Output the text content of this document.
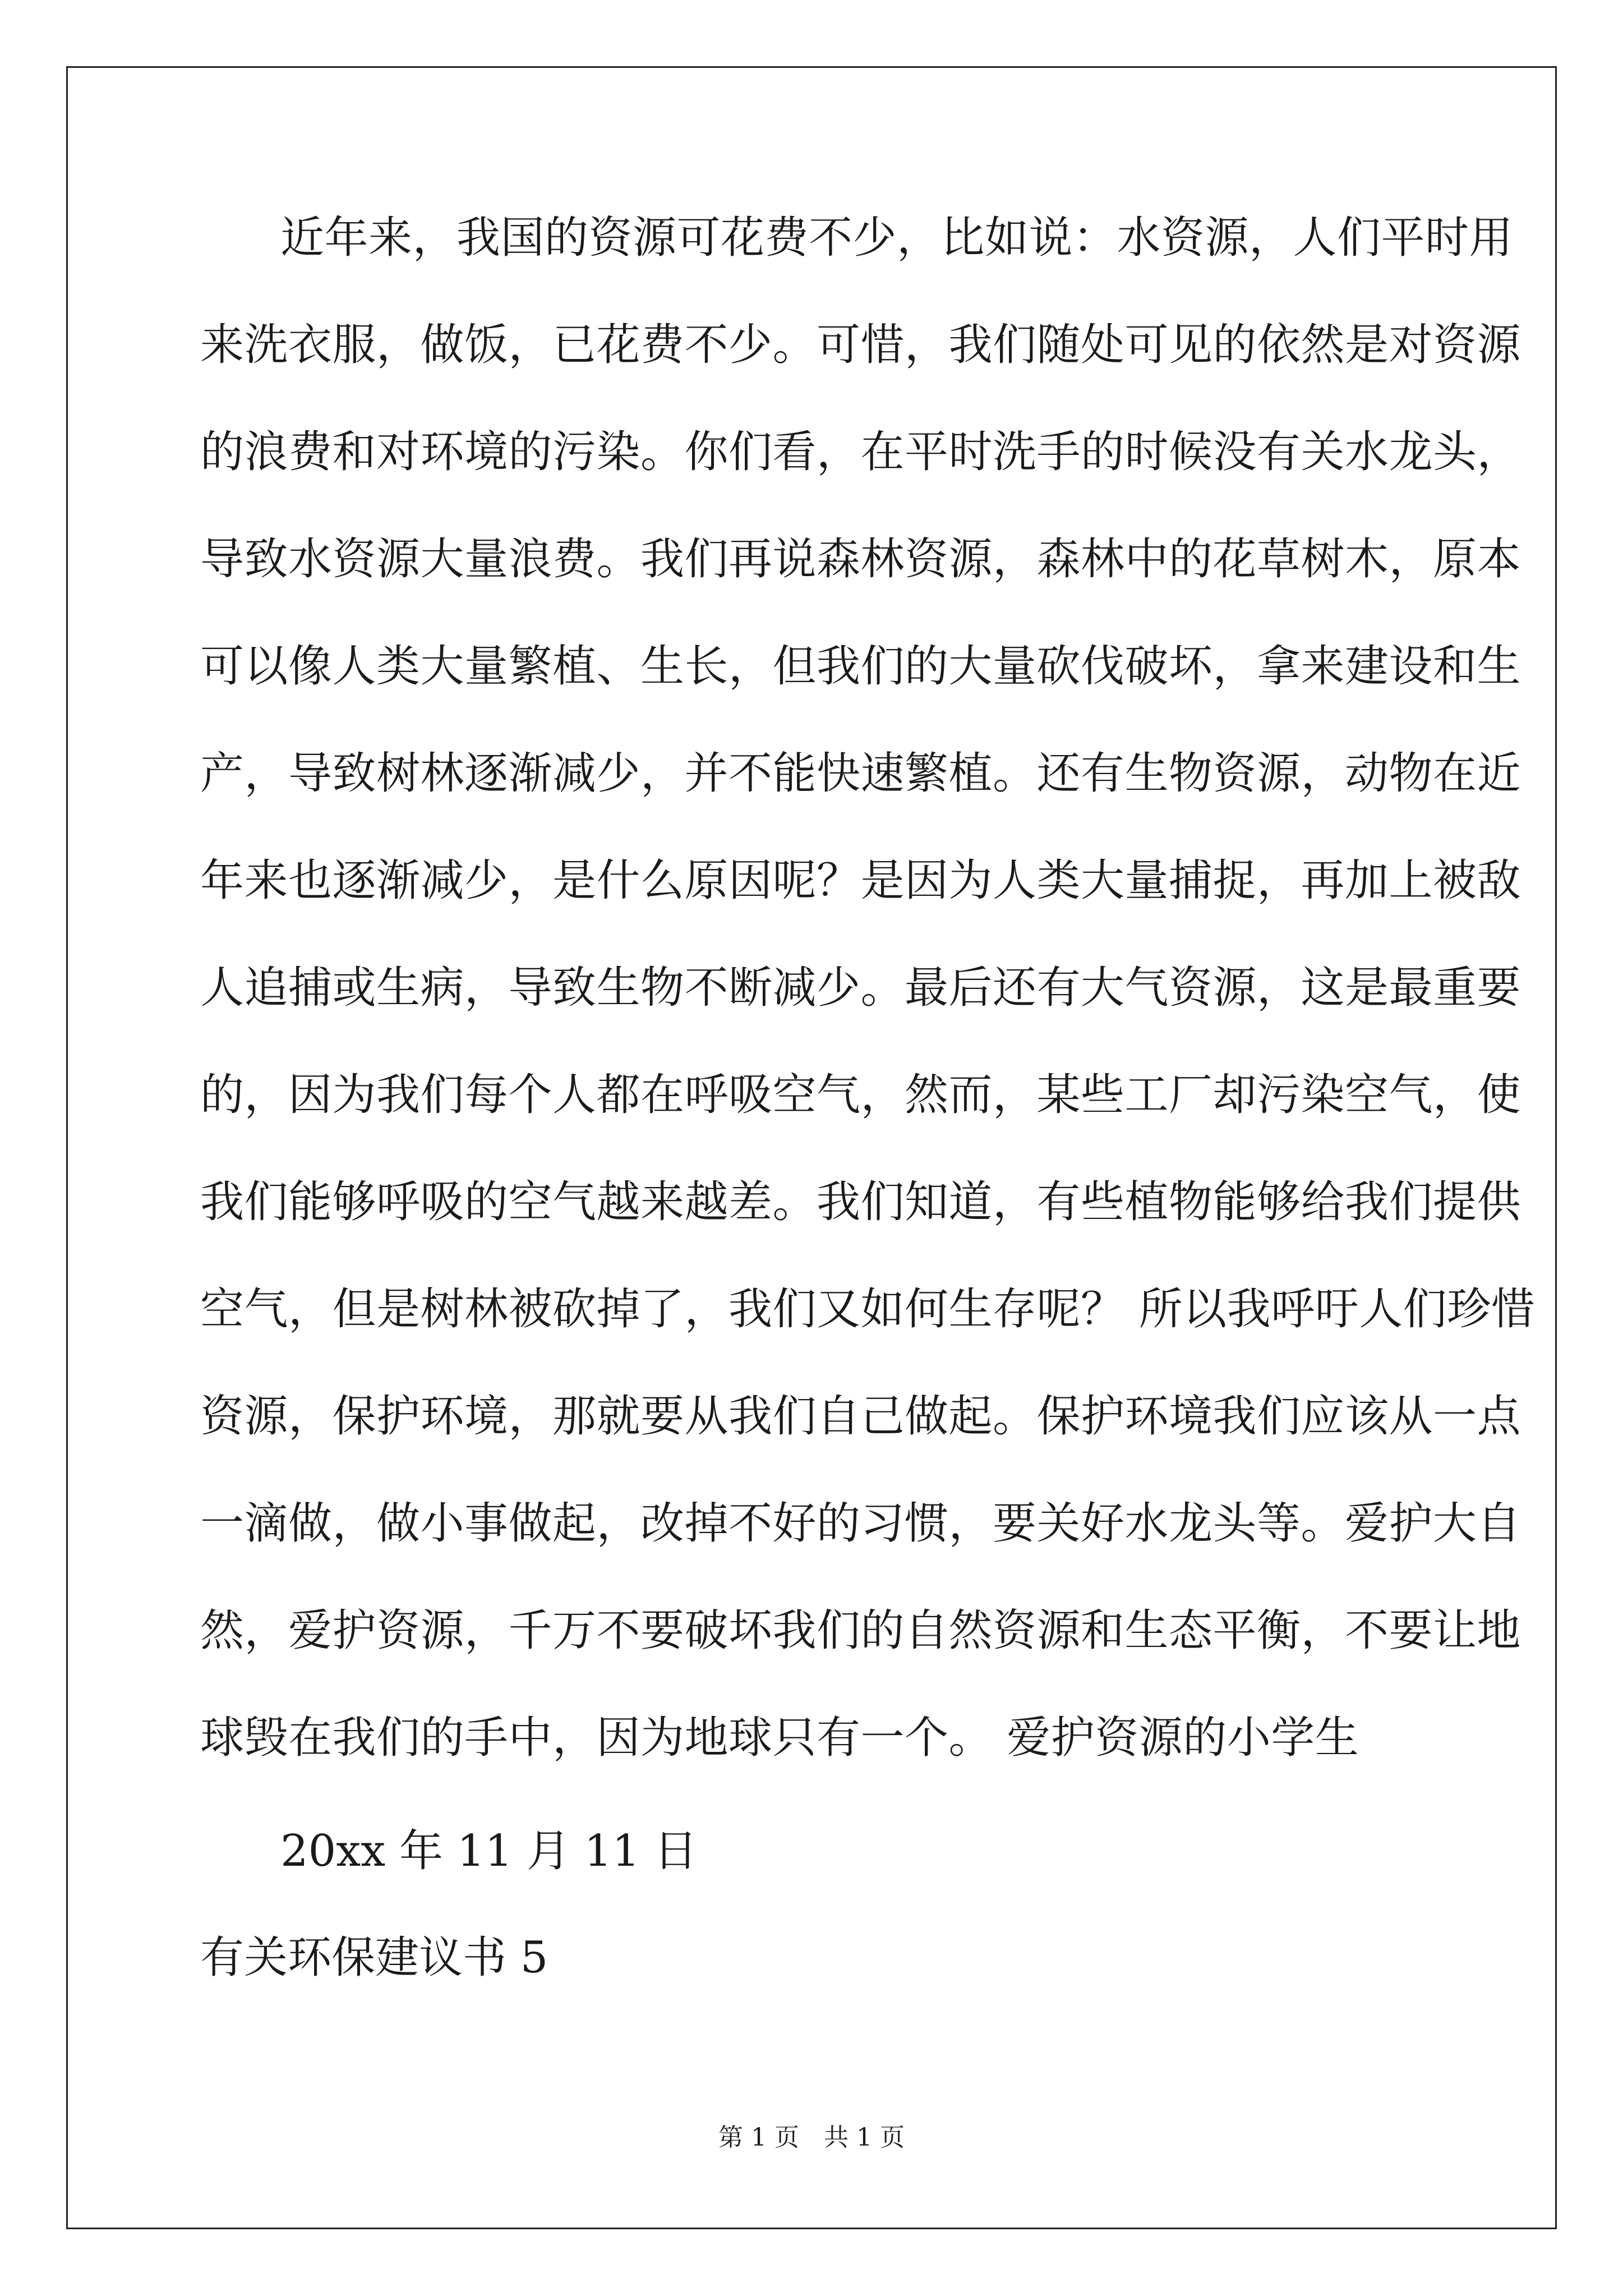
近年来，我国的资源可花费不少，比如说：水资源，人们平时用
来洗衣服，做饭，已花费不少。可惜，我们随处可见的依然是对资源
的浪费和对环境的污染。你们看，在平时洗手的时候没有关水龙头，
导致水资源大量浪费。我们再说森林资源，森林中的花草树木，原本
可以像人类大量繁植、生长，但我们的大量砍伐破坏，拿来建设和生
产，导致树林逐渐减少，并不能快速繁植。还有生物资源，动物在近
年来也逐渐减少，是什么原因呢？是因为人类大量捕捉，再加上被敌
人追捕或生病，导致生物不断减少。最后还有大气资源，这是最重要
的，因为我们每个人都在呼吸空气，然而，某些工厂却污染空气，使
我们能够呼吸的空气越来越差。我们知道，有些植物能够给我们提供
空气，但是树林被砍掉了，我们又如何生存呢？ 所以我呼吁人们珍惜
资源，保护环境，那就要从我们自己做起。保护环境我们应该从一点
一滴做，做小事做起，改掉不好的习惯，要关好水龙头等。爱护大自
然，爱护资源，千万不要破坏我们的自然资源和生态平衡，不要让地
球毁在我们的手中，因为地球只有一个。 爱护资源的小学生
20xx 年 11 月 11 日
有关环保建议书 5
第 1 页　共 1 页
